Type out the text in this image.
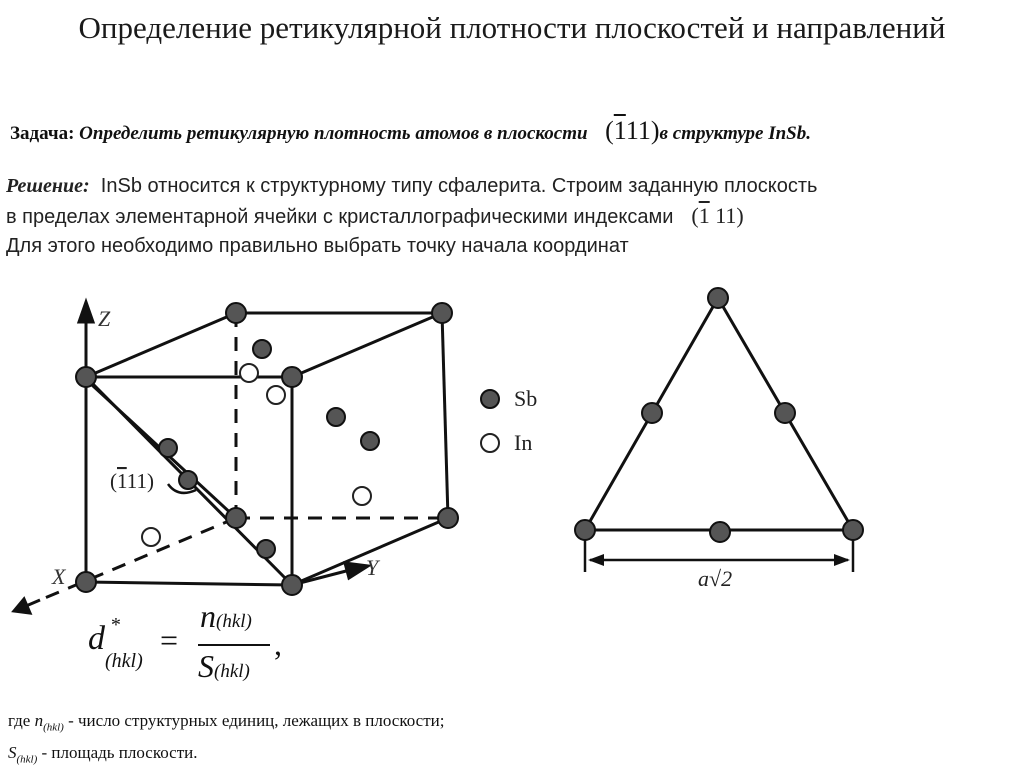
Определение ретикулярной плотности плоскостей и направлений
Задача: Определить ретикулярную плотность атомов в плоскости (111)в структуре InSb.
Решение: InSb относится к структурному типу сфалерита. Строим заданную плоскость
в пределах элементарной ячейки с кристаллографическими индексами (1 11)
Для этого необходимо правильно выбрать точку начала координат
Z
X	Y
(111)
Sb
In
a√2
d *
$_{(hkl)}$
=
n(hkl)
S(hkl)
,
где $n_{(hkl)}$ - число структурных единиц, лежащих в плоскости;
$S_{(hkl)}$ - площадь плоскости.
